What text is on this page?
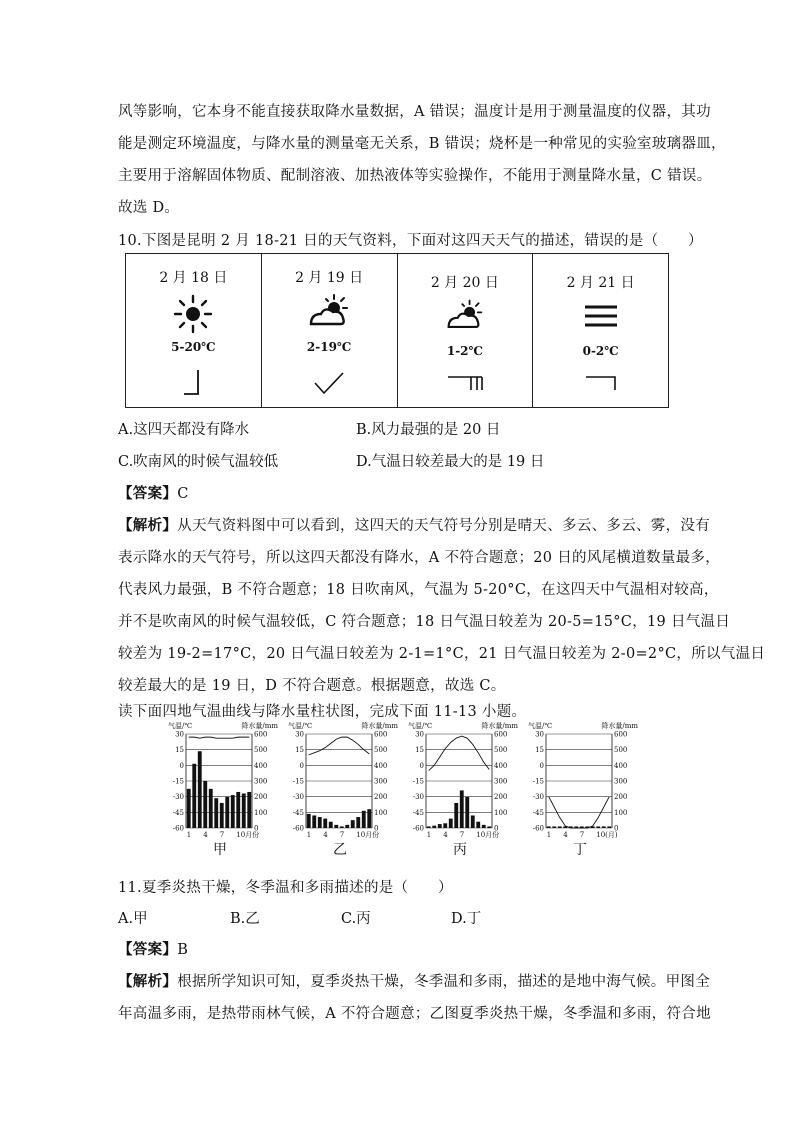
风等影响，它本身不能直接获取降水量数据，A 错误；温度计是用于测量温度的仪器，其功
能是测定环境温度，与降水量的测量毫无关系，B 错误；烧杯是一种常见的实验室玻璃器皿，
主要用于溶解固体物质、配制溶液、加热液体等实验操作，不能用于测量降水量，C 错误。
故选 D。
10.下图是昆明 2 月 18-21 日的天气资料，下面对这四天天气的描述，错误的是（　　）
2 月 18 日
5-20℃
2 月 19 日
2-19℃
2 月 20 日
1-2℃
2 月 21 日
0-2℃
A.这四天都没有降水	B.风力最强的是 20 日
C.吹南风的时候气温较低	D.气温日较差最大的是 19 日
【答案】C
【解析】从天气资料图中可以看到，这四天的天气符号分别是晴天、多云、多云、雾，没有
表示降水的天气符号，所以这四天都没有降水，A 不符合题意；20 日的风尾横道数量最多，
代表风力最强，B 不符合题意；18 日吹南风，气温为 5-20°C，在这四天中气温相对较高，
并不是吹南风的时候气温较低，C 符合题意；18 日气温日较差为 20-5=15°C，19 日气温日
较差为 19-2=17°C，20 日气温日较差为 2-1=1°C，21 日气温日较差为 2-0=2°C，所以气温日
较差最大的是 19 日，D 不符合题意。根据题意，故选 C。
读下面四地气温曲线与降水量柱状图，完成下面 11-13 小题。
气温/℃	降水量/mm
30	600
15	500
0	400
-15	300
-30	200
-45	100
-60	0
1 4 7 10月份
甲
气温/℃	降水量/mm
30	600
15	500
0	400
-15	300
-30	200
-45	100
-60	0
1 4 7 10月份
乙
气温/℃	降水量/mm
30	600
15	500
0	400
-15	300
-30	200
-45	100
-60	0
1 4 7 10月份
丙
气温/℃	降水量/mm
30	600
15	500
0	400
-15	300
-30	200
-45	100
-60	0
1 4 7 10(月)
丁
11.夏季炎热干燥，冬季温和多雨描述的是（　　）
A.甲	B.乙	C.丙	D.丁
【答案】B
【解析】根据所学知识可知，夏季炎热干燥，冬季温和多雨，描述的是地中海气候。甲图全
年高温多雨，是热带雨林气候，A 不符合题意；乙图夏季炎热干燥，冬季温和多雨，符合地
